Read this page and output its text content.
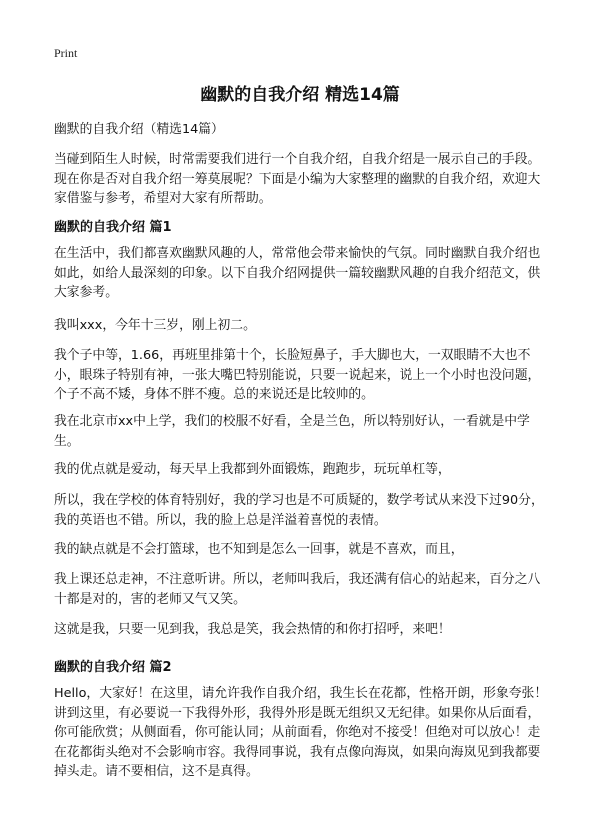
Print
幽默的自我介绍 精选14篇

幽默的自我介绍（精选14篇）

当碰到陌生人时候，时常需要我们进行一个自我介绍，自我介绍是一展示自己的手段。现在你是否对自我介绍一筹莫展呢？下面是小编为大家整理的幽默的自我介绍，欢迎大家借鉴与参考，希望对大家有所帮助。

幽默的自我介绍 篇1

在生活中，我们都喜欢幽默风趣的人，常常他会带来愉快的气氛。同时幽默自我介绍也如此，如给人最深刻的印象。以下自我介绍网提供一篇较幽默风趣的自我介绍范文，供大家参考。

我叫xxx，今年十三岁，刚上初二。

我个子中等，1.66，再班里排第十个，长脸短鼻子，手大脚也大，一双眼睛不大也不小，眼珠子特别有神，一张大嘴巴特别能说，只要一说起来，说上一个小时也没问题，个子不高不矮，身体不胖不瘦。总的来说还是比较帅的。

我在北京市xx中上学，我们的校服不好看，全是兰色，所以特别好认，一看就是中学生。

我的优点就是爱动，每天早上我都到外面锻炼，跑跑步，玩玩单杠等，

所以，我在学校的体育特别好，我的学习也是不可质疑的，数学考试从来没下过90分，我的英语也不错。所以，我的脸上总是洋溢着喜悦的表情。

我的缺点就是不会打篮球，也不知到是怎么一回事，就是不喜欢，而且，

我上课还总走神，不注意听讲。所以，老师叫我后，我还满有信心的站起来，百分之八十都是对的，害的老师又气又笑。

这就是我，只要一见到我，我总是笑，我会热情的和你打招呼，来吧！

幽默的自我介绍 篇2

Hello，大家好！在这里，请允许我作自我介绍，我生长在花都，性格开朗，形象夸张！讲到这里，有必要说一下我得外形，我得外形是既无组织又无纪律。如果你从后面看，你可能欣赏；从侧面看，你可能认同；从前面看，你绝对不接受！但绝对可以放心！走在花都街头绝对不会影响市容。我得同事说，我有点像向海岚，如果向海岚见到我都要掉头走。请不要相信，这不是真得。
